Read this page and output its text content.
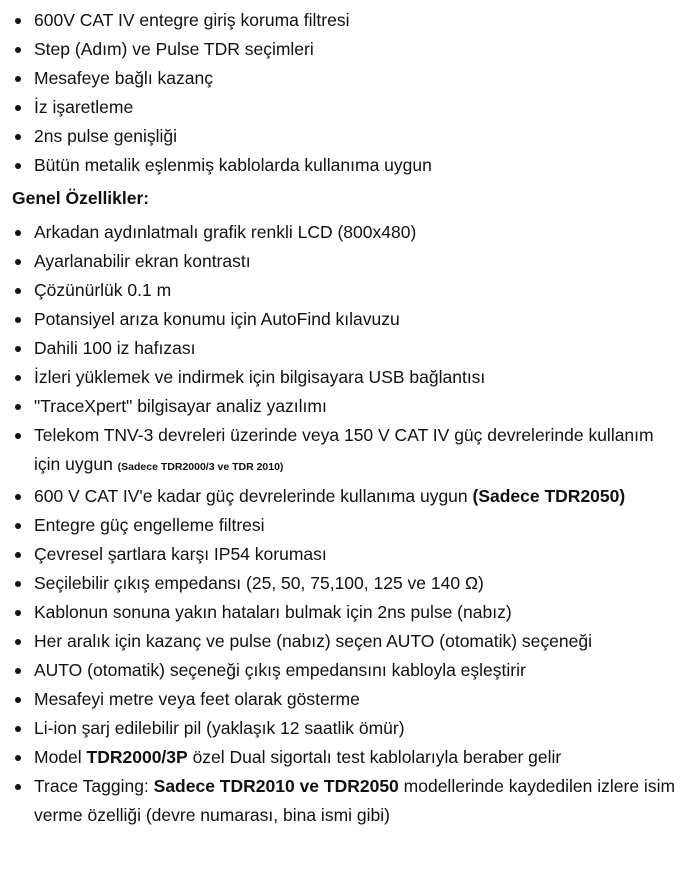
600V CAT IV entegre giriş koruma filtresi
Step (Adım) ve Pulse TDR seçimleri
Mesafeye bağlı kazanç
İz işaretleme
2ns pulse genişliği
Bütün metalik eşlenmiş kablolarda kullanıma uygun
Genel Özellikler:
Arkadan aydınlatmalı grafik renkli LCD (800x480)
Ayarlanabilir ekran kontrastı
Çözünürlük 0.1 m
Potansiyel arıza konumu için AutoFind kılavuzu
Dahili 100 iz hafızası
İzleri yüklemek ve indirmek için bilgisayara USB bağlantısı
"TraceXpert" bilgisayar analiz yazılımı
Telekom TNV-3 devreleri üzerinde veya 150 V CAT IV güç devrelerinde kullanım için uygun (Sadece TDR2000/3 ve TDR 2010)
600 V CAT IV'e kadar güç devrelerinde kullanıma uygun (Sadece TDR2050)
Entegre güç engelleme filtresi
Çevresel şartlara karşı IP54 koruması
Seçilebilir çıkış empedansı (25, 50, 75,100, 125 ve 140 Ω)
Kablonun sonuna yakın hataları bulmak için 2ns pulse (nabız)
Her aralık için kazanç ve pulse (nabız) seçen AUTO (otomatik) seçeneği
AUTO (otomatik) seçeneği çıkış empedansını kabloyla eşleştirir
Mesafeyi metre veya feet olarak gösterme
Li-ion şarj edilebilir pil (yaklaşık 12 saatlik ömür)
Model TDR2000/3P özel Dual sigortalı test kablolarıyla beraber gelir
Trace Tagging: Sadece TDR2010 ve TDR2050 modellerinde kaydedilen izlere isim verme özelliği (devre numarası, bina ismi gibi)
